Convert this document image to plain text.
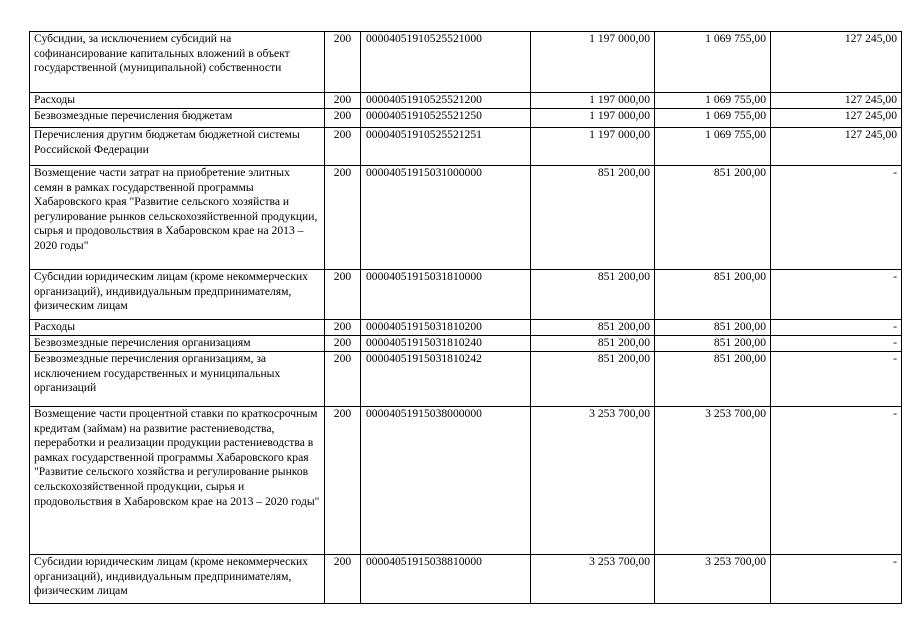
Субсидии, за исключением субсидий на софинансирование капитальных вложений в объект государственной (муниципальной) собственности	200	00004051910525521000	1 197 000,00	1 069 755,00	127 245,00
Расходы	200	00004051910525521200	1 197 000,00	1 069 755,00	127 245,00
Безвозмездные перечисления бюджетам	200	00004051910525521250	1 197 000,00	1 069 755,00	127 245,00
Перечисления другим бюджетам бюджетной системы Российской Федерации	200	00004051910525521251	1 197 000,00	1 069 755,00	127 245,00
Возмещение части затрат на приобретение элитных семян в рамках государственной программы Хабаровского края "Развитие сельского хозяйства и регулирование рынков сельскохозяйственной продукции, сырья и продовольствия в Хабаровском крае на 2013 – 2020 годы"	200	00004051915031000000	851 200,00	851 200,00	-
Субсидии юридическим лицам (кроме некоммерческих организаций), индивидуальным предпринимателям, физическим лицам	200	00004051915031810000	851 200,00	851 200,00	-
Расходы	200	00004051915031810200	851 200,00	851 200,00	-
Безвозмездные перечисления организациям	200	00004051915031810240	851 200,00	851 200,00	-
Безвозмездные перечисления организациям, за исключением государственных и муниципальных организаций	200	00004051915031810242	851 200,00	851 200,00	-
Возмещение части процентной ставки по краткосрочным кредитам (займам) на развитие растениеводства, переработки и реализации продукции растениеводства в рамках государственной программы Хабаровского края "Развитие сельского хозяйства и регулирование рынков сельскохозяйственной продукции, сырья и продовольствия в Хабаровском крае на 2013 – 2020 годы"	200	00004051915038000000	3 253 700,00	3 253 700,00	-
Субсидии юридическим лицам (кроме некоммерческих организаций), индивидуальным предпринимателям, физическим лицам	200	00004051915038810000	3 253 700,00	3 253 700,00	-
